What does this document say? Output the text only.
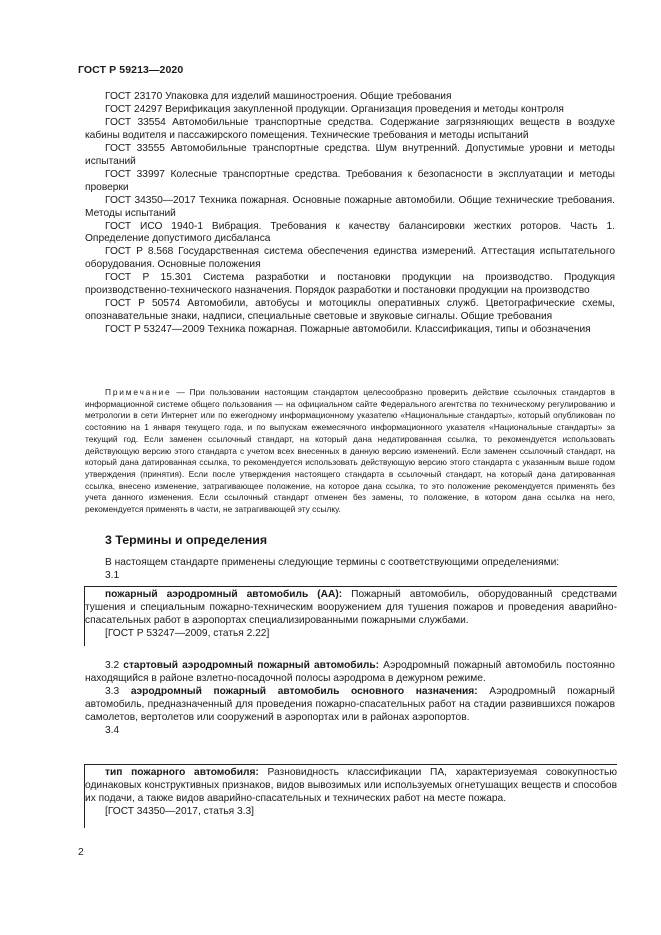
ГОСТ Р 59213—2020

ГОСТ 23170 Упаковка для изделий машиностроения. Общие требования

ГОСТ 24297 Верификация закупленной продукции. Организация проведения и методы контроля

ГОСТ 33554 Автомобильные транспортные средства. Содержание загрязняющих веществ в воздухе кабины водителя и пассажирского помещения. Технические требования и методы испытаний

ГОСТ 33555 Автомобильные транспортные средства. Шум внутренний. Допустимые уровни и методы испытаний

ГОСТ 33997 Колесные транспортные средства. Требования к безопасности в эксплуатации и методы проверки

ГОСТ 34350—2017 Техника пожарная. Основные пожарные автомобили. Общие технические требования. Методы испытаний

ГОСТ ИСО 1940-1 Вибрация. Требования к качеству балансировки жестких роторов. Часть 1. Определение допустимого дисбаланса

ГОСТ Р 8.568 Государственная система обеспечения единства измерений. Аттестация испытательного оборудования. Основные положения

ГОСТ Р 15.301 Система разработки и постановки продукции на производство. Продукция производственно-технического назначения. Порядок разработки и постановки продукции на производство

ГОСТ Р 50574 Автомобили, автобусы и мотоциклы оперативных служб. Цветографические схемы, опознавательные знаки, надписи, специальные световые и звуковые сигналы. Общие требования

ГОСТ Р 53247—2009 Техника пожарная. Пожарные автомобили. Классификация, типы и обозначения

Примечание — При пользовании настоящим стандартом целесообразно проверить действие ссылочных стандартов в информационной системе общего пользования — на официальном сайте Федерального агентства по техническому регулированию и метрологии в сети Интернет или по ежегодному информационному указателю «Национальные стандарты», который опубликован по состоянию на 1 января текущего года, и по выпускам ежемесячного информационного указателя «Национальные стандарты» за текущий год. Если заменен ссылочный стандарт, на который дана недатированная ссылка, то рекомендуется использовать действующую версию этого стандарта с учетом всех внесенных в данную версию изменений. Если заменен ссылочный стандарт, на который дана датированная ссылка, то рекомендуется использовать действующую версию этого стандарта с указанным выше годом утверждения (принятия). Если после утверждения настоящего стандарта в ссылочный стандарт, на который дана датированная ссылка, внесено изменение, затрагивающее положение, на которое дана ссылка, то это положение рекомендуется применять без учета данного изменения. Если ссылочный стандарт отменен без замены, то положение, в котором дана ссылка на него, рекомендуется применять в части, не затрагивающей эту ссылку.

3 Термины и определения

В настоящем стандарте применены следующие термины с соответствующими определениями:

3.1

пожарный аэродромный автомобиль (АА): Пожарный автомобиль, оборудованный средствами тушения и специальным пожарно-техническим вооружением для тушения пожаров и проведения аварийно-спасательных работ в аэропортах специализированными пожарными службами.

[ГОСТ Р 53247—2009, статья 2.22]

3.2 стартовый аэродромный пожарный автомобиль: Аэродромный пожарный автомобиль постоянно находящийся в районе взлетно-посадочной полосы аэродрома в дежурном режиме.

3.3 аэродромный пожарный автомобиль основного назначения: Аэродромный пожарный автомобиль, предназначенный для проведения пожарно-спасательных работ на стадии развившихся пожаров самолетов, вертолетов или сооружений в аэропортах или в районах аэропортов.

3.4

тип пожарного автомобиля: Разновидность классификации ПА, характеризуемая совокупностью одинаковых конструктивных признаков, видов вывозимых или используемых огнетушащих веществ и способов их подачи, а также видов аварийно-спасательных и технических работ на месте пожара.

[ГОСТ 34350—2017, статья 3.3]

2
